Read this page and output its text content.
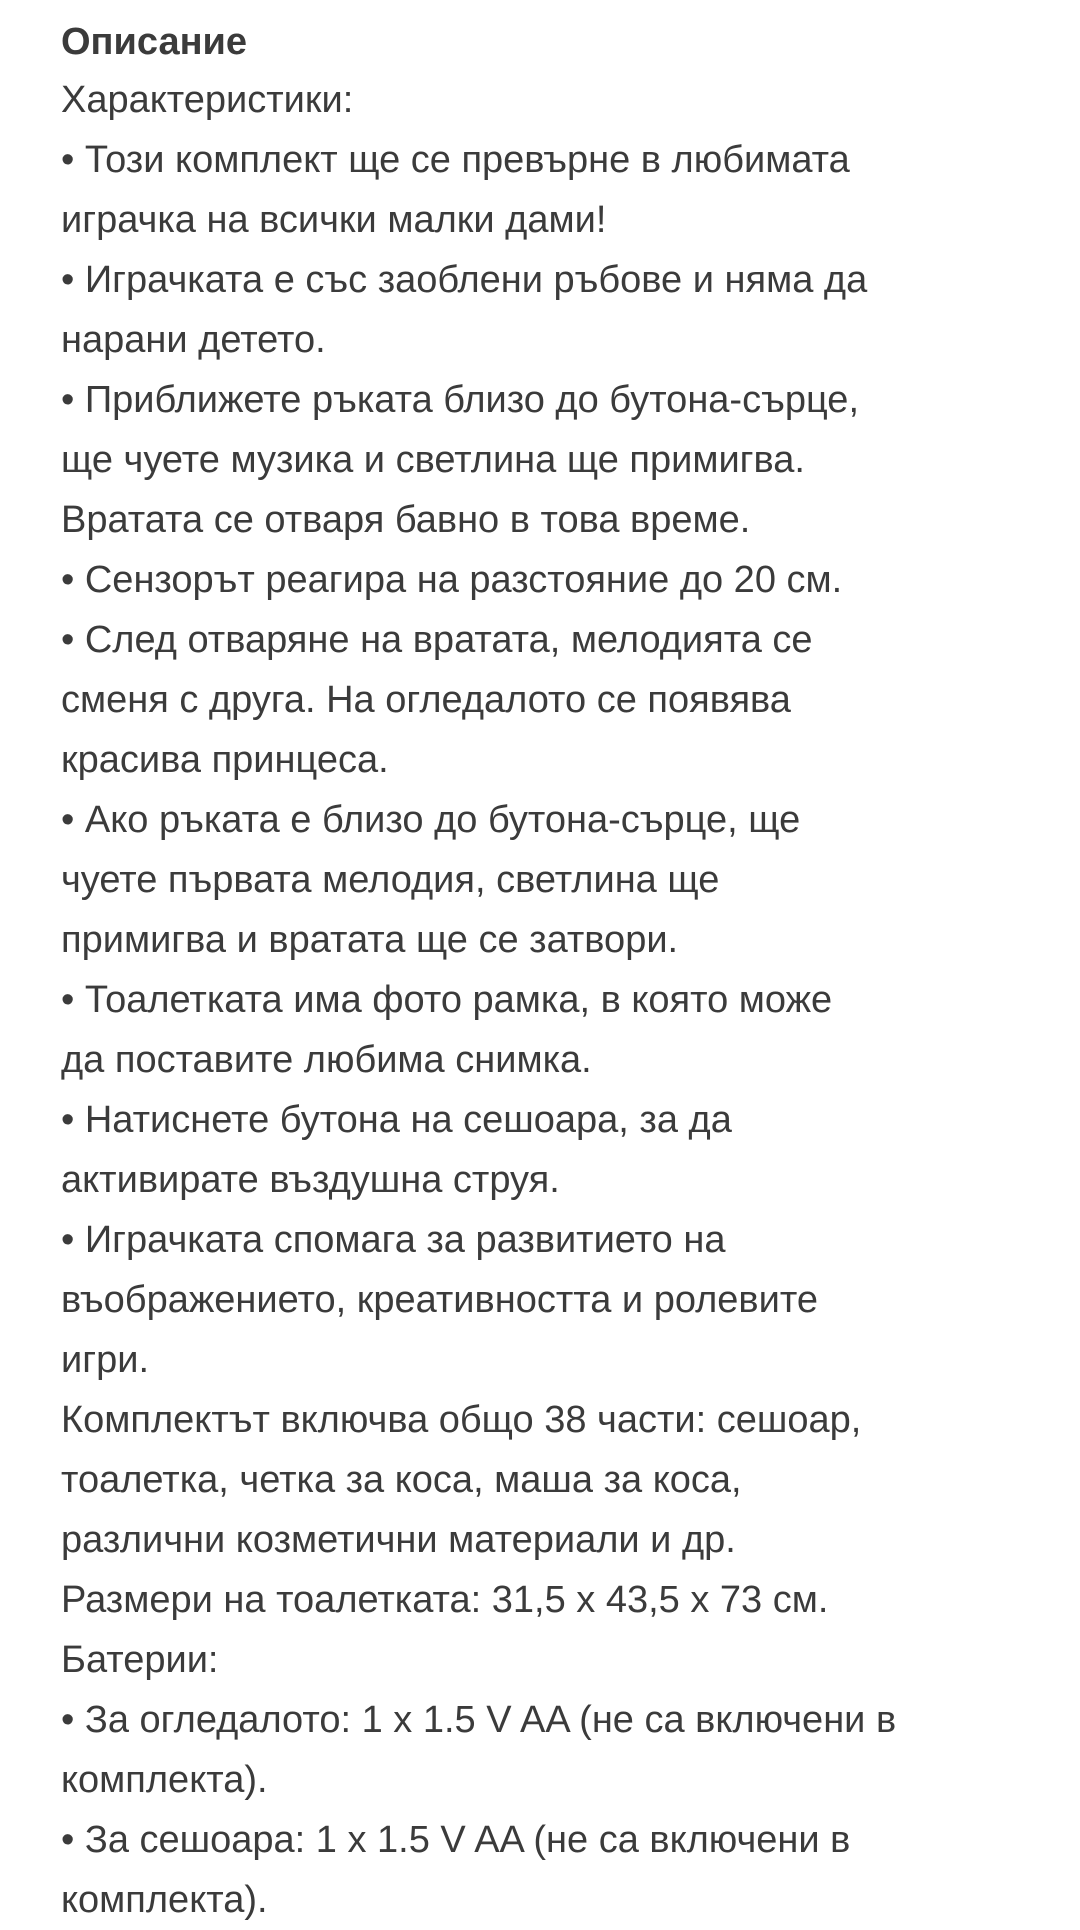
Описание
Характеристики:
• Този комплект ще се превърне в любимата
играчка на всички малки дами!
• Играчката е със заоблени ръбове и няма да
нарани детето.
• Приближете ръката близо до бутона-сърце,
ще чуете музика и светлина ще примигва.
Вратата се отваря бавно в това време.
• Сензорът реагира на разстояние до 20 см.
• След отваряне на вратата, мелодията се
сменя с друга. На огледалото се появява
красива принцеса.
• Ако ръката е близо до бутона-сърце, ще
чуете първата мелодия, светлина ще
примигва и вратата ще се затвори.
• Тоалетката има фото рамка, в която може
да поставите любима снимка.
• Натиснете бутона на сешоара, за да
активирате въздушна струя.
• Играчката спомага за развитието на
въображението, креативността и ролевите
игри.
Комплектът включва общо 38 части: сешоар,
тоалетка, четка за коса, маша за коса,
различни козметични материали и др.
Размери на тоалетката: 31,5 х 43,5 х 73 см.
Батерии:
• За огледалото: 1 х 1.5 V AA (не са включени в
комплекта).
• За сешоара: 1 х 1.5 V AA (не са включени в
комплекта).
